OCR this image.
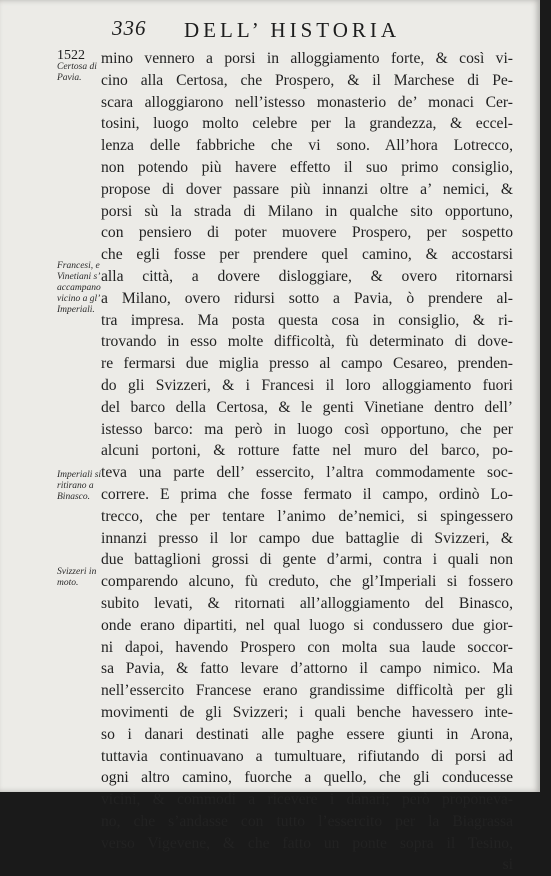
336 DELL’ HISTORIA
1522
Certosa di
Pavia.
Francesi, e
Vinetiani s’
accampano
vicino a gl’
Imperiali.
Imperiali si
ritirano a
Binasco.
Svizzeri in
moto.
mino vennero a porsi in alloggiamento forte, & così vi-
cino alla Certosa, che Prospero, & il Marchese di Pe-
scara alloggiarono nell’istesso monasterio de’ monaci Cer-
tosini, luogo molto celebre per la grandezza, & eccel-
lenza delle fabbriche che vi sono. All’hora Lotrecco,
non potendo più havere effetto il suo primo consiglio,
propose di dover passare più innanzi oltre a’ nemici, &
porsi sù la strada di Milano in qualche sito opportuno,
con pensiero di poter muovere Prospero, per sospetto
che egli fosse per prendere quel camino, & accostarsi
alla città, a dovere disloggiare, & overo ritornarsi
a Milano, overo ridursi sotto a Pavia, ò prendere al-
tra impresa. Ma posta questa cosa in consiglio, & ri-
trovando in esso molte difficoltà, fù determinato di dove-
re fermarsi due miglia presso al campo Cesareo, prenden-
do gli Svizzeri, & i Francesi il loro alloggiamento fuori
del barco della Certosa, & le genti Vinetiane dentro dell’
istesso barco: ma però in luogo così opportuno, che per
alcuni portoni, & rotture fatte nel muro del barco, po-
teva una parte dell’ essercito, l’altra commodamente soc-
correre. E prima che fosse fermato il campo, ordinò Lo-
trecco, che per tentare l’animo de’nemici, si spingessero
innanzi presso il lor campo due battaglie di Svizzeri, &
due battaglioni grossi di gente d’armi, contra i quali non
comparendo alcuno, fù creduto, che gl’Imperiali si fossero
subito levati, & ritornati all’alloggiamento del Binasco,
onde erano dipartiti, nel qual luogo si condussero due gior-
ni dapoi, havendo Prospero con molta sua laude soccor-
sa Pavia, & fatto levare d’attorno il campo nimico. Ma
nell’essercito Francese erano grandissime difficoltà per gli
movimenti de gli Svizzeri; i quali benche havessero inte-
so i danari destinati alle paghe essere giunti in Arona,
tuttavia continuavano a tumultuare, rifiutando di porsi ad
ogni altro camino, fuorche a quello, che gli conducesse
vicini, & commodi a ricevere i danari; però proponeva-
no, che s’andasse con tutto l’essercito per la Biagrassa
verso Vigevene, & che fatto un ponte sopra il Tesino,
si
